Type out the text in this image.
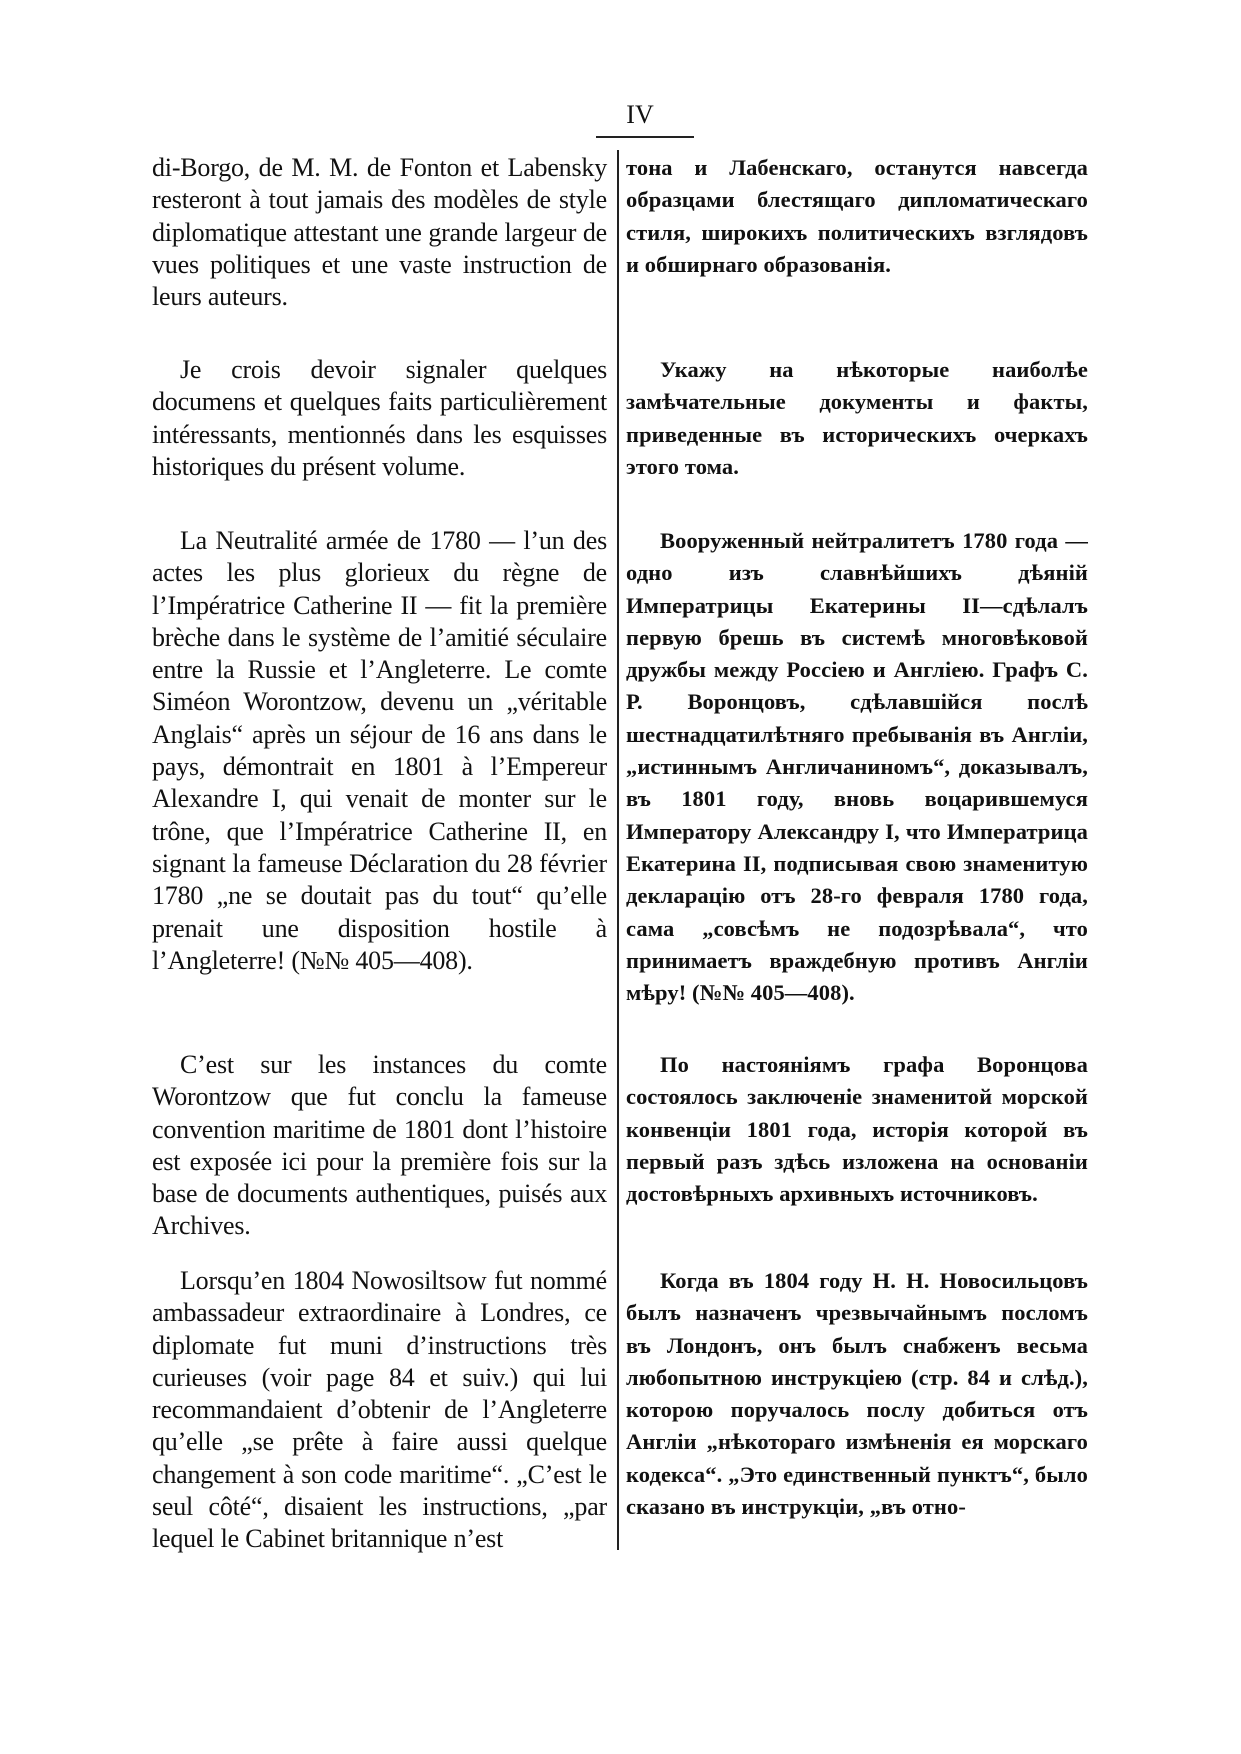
IV

di-Borgo, de M. M. de Fonton et Labensky resteront à tout jamais des modèles de style diplomatique attestant une grande largeur de vues politiques et une vaste instruction de leurs auteurs.

Je crois devoir signaler quelques documens et quelques faits particulièrement intéressants, mentionnés dans les esquisses historiques du présent volume.

La Neutralité armée de 1780 — l’un des actes les plus glorieux du règne de l’Impératrice Catherine II — fit la première brèche dans le système de l’amitié séculaire entre la Russie et l’Angleterre. Le comte Siméon Worontzow, devenu un „véritable Anglais“ après un séjour de 16 ans dans le pays, démontrait en 1801 à l’Empereur Alexandre I, qui venait de monter sur le trône, que l’Impératrice Catherine II, en signant la fameuse Déclaration du 28 février 1780 „ne se doutait pas du tout“ qu’elle prenait une disposition hostile à l’Angleterre! (№№ 405—408).

C’est sur les instances du comte Worontzow que fut conclu la fameuse convention maritime de 1801 dont l’histoire est exposée ici pour la première fois sur la base de documents authentiques, puisés aux Archives.

Lorsqu’en 1804 Nowosiltsow fut nommé ambassadeur extraordinaire à Londres, ce diplomate fut muni d’instructions très curieuses (voir page 84 et suiv.) qui lui recommandaient d’obtenir de l’Angleterre qu’elle „se prête à faire aussi quelque changement à son code maritime“. „C’est le seul côté“, disaient les instructions, „par lequel le Cabinet britannique n’est

тона и Лабенскаго, останутся навсегда образцами блестящаго дипломатическаго стиля, широкихъ политическихъ взглядовъ и обширнаго образованія.

Укажу на нѣкоторые наиболѣе замѣчательные документы и факты, приведенные въ историческихъ очеркахъ этого тома.

Вооруженный нейтралитетъ 1780 года — одно изъ славнѣйшихъ дѣяній Императрицы Екатерины II—сдѣлалъ первую брешь въ системѣ многовѣковой дружбы между Россіею и Англіею. Графъ С. Р. Воронцовъ, сдѣлавшійся послѣ шестнадцатилѣтняго пребыванія въ Англіи, „истиннымъ Англичаниномъ“, доказывалъ, въ 1801 году, вновь воцарившемуся Императору Александру I, что Императрица Екатерина II, подписывая свою знаменитую декларацію отъ 28-го февраля 1780 года, сама „совсѣмъ не подозрѣвала“, что принимаетъ враждебную противъ Англіи мѣру! (№№ 405—408).

По настояніямъ графа Воронцова состоялось заключеніе знаменитой морской конвенціи 1801 года, исторія которой въ первый разъ здѣсь изложена на основаніи достовѣрныхъ архивныхъ источниковъ.

Когда въ 1804 году Н. Н. Новосильцовъ былъ назначенъ чрезвычайнымъ посломъ въ Лондонъ, онъ былъ снабженъ весьма любопытною инструкціею (стр. 84 и слѣд.), которою поручалось послу добиться отъ Англіи „нѣкотораго измѣненія ея морскаго кодекса“. „Это единственный пунктъ“, было сказано въ инструкціи, „въ отно-
